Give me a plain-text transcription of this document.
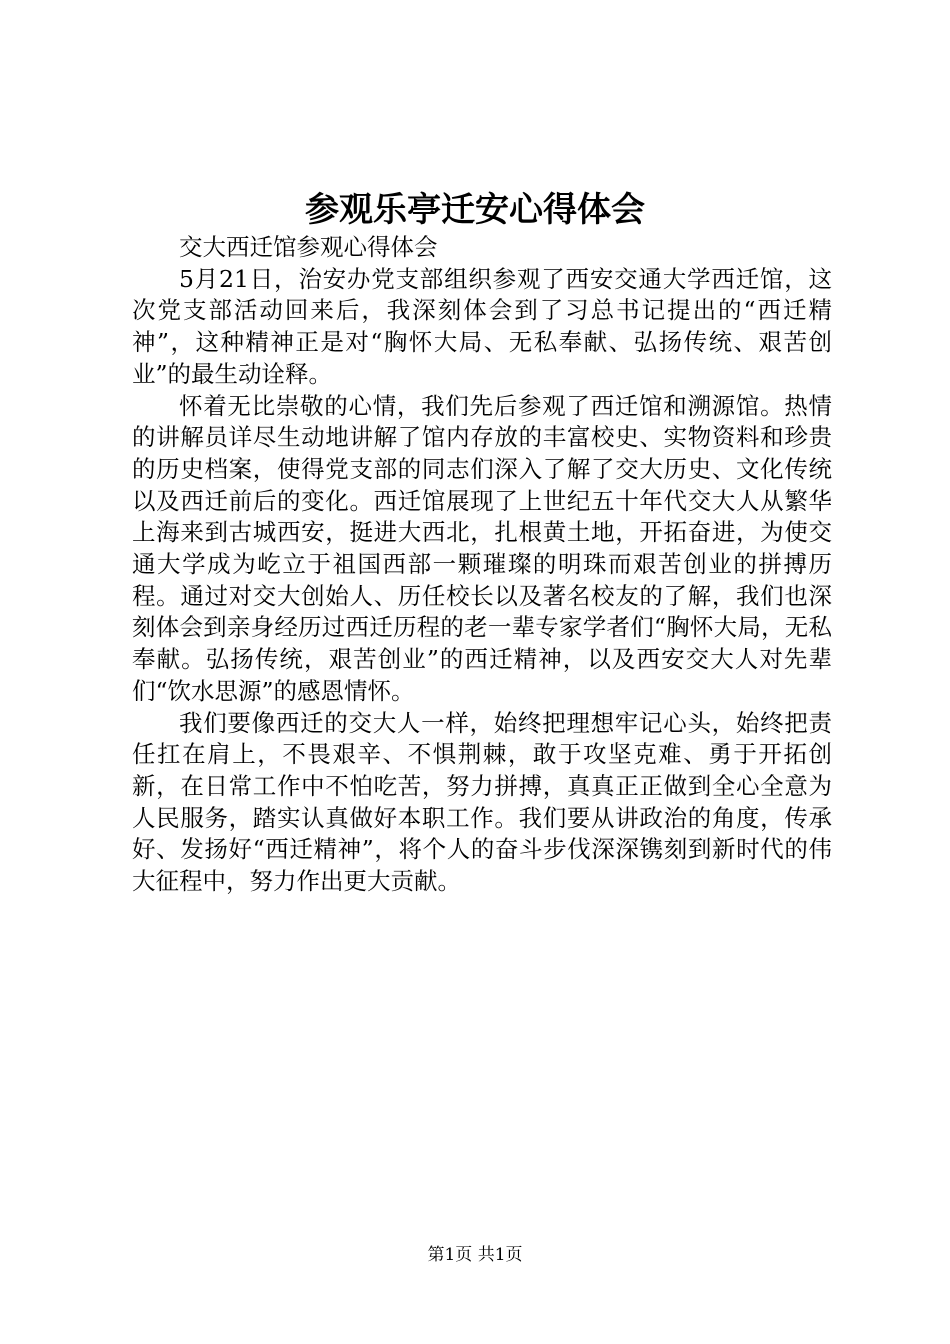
参观乐亭迁安心得体会

交大西迁馆参观心得体会

5月21日，治安办党支部组织参观了西安交通大学西迁馆，这次党支部活动回来后，我深刻体会到了习总书记提出的“西迁精神”，这种精神正是对“胸怀大局、无私奉献、弘扬传统、艰苦创业”的最生动诠释。

怀着无比崇敬的心情，我们先后参观了西迁馆和溯源馆。热情的讲解员详尽生动地讲解了馆内存放的丰富校史、实物资料和珍贵的历史档案，使得党支部的同志们深入了解了交大历史、文化传统以及西迁前后的变化。西迁馆展现了上世纪五十年代交大人从繁华上海来到古城西安，挺进大西北，扎根黄土地，开拓奋进，为使交通大学成为屹立于祖国西部一颗璀璨的明珠而艰苦创业的拼搏历程。通过对交大创始人、历任校长以及著名校友的了解，我们也深刻体会到亲身经历过西迁历程的老一辈专家学者们“胸怀大局，无私奉献。弘扬传统，艰苦创业”的西迁精神，以及西安交大人对先辈们“饮水思源”的感恩情怀。

我们要像西迁的交大人一样，始终把理想牢记心头，始终把责任扛在肩上，不畏艰辛、不惧荆棘，敢于攻坚克难、勇于开拓创新，在日常工作中不怕吃苦，努力拼搏，真真正正做到全心全意为人民服务，踏实认真做好本职工作。我们要从讲政治的角度，传承好、发扬好“西迁精神”，将个人的奋斗步伐深深镌刻到新时代的伟大征程中，努力作出更大贡献。

第1页 共1页
